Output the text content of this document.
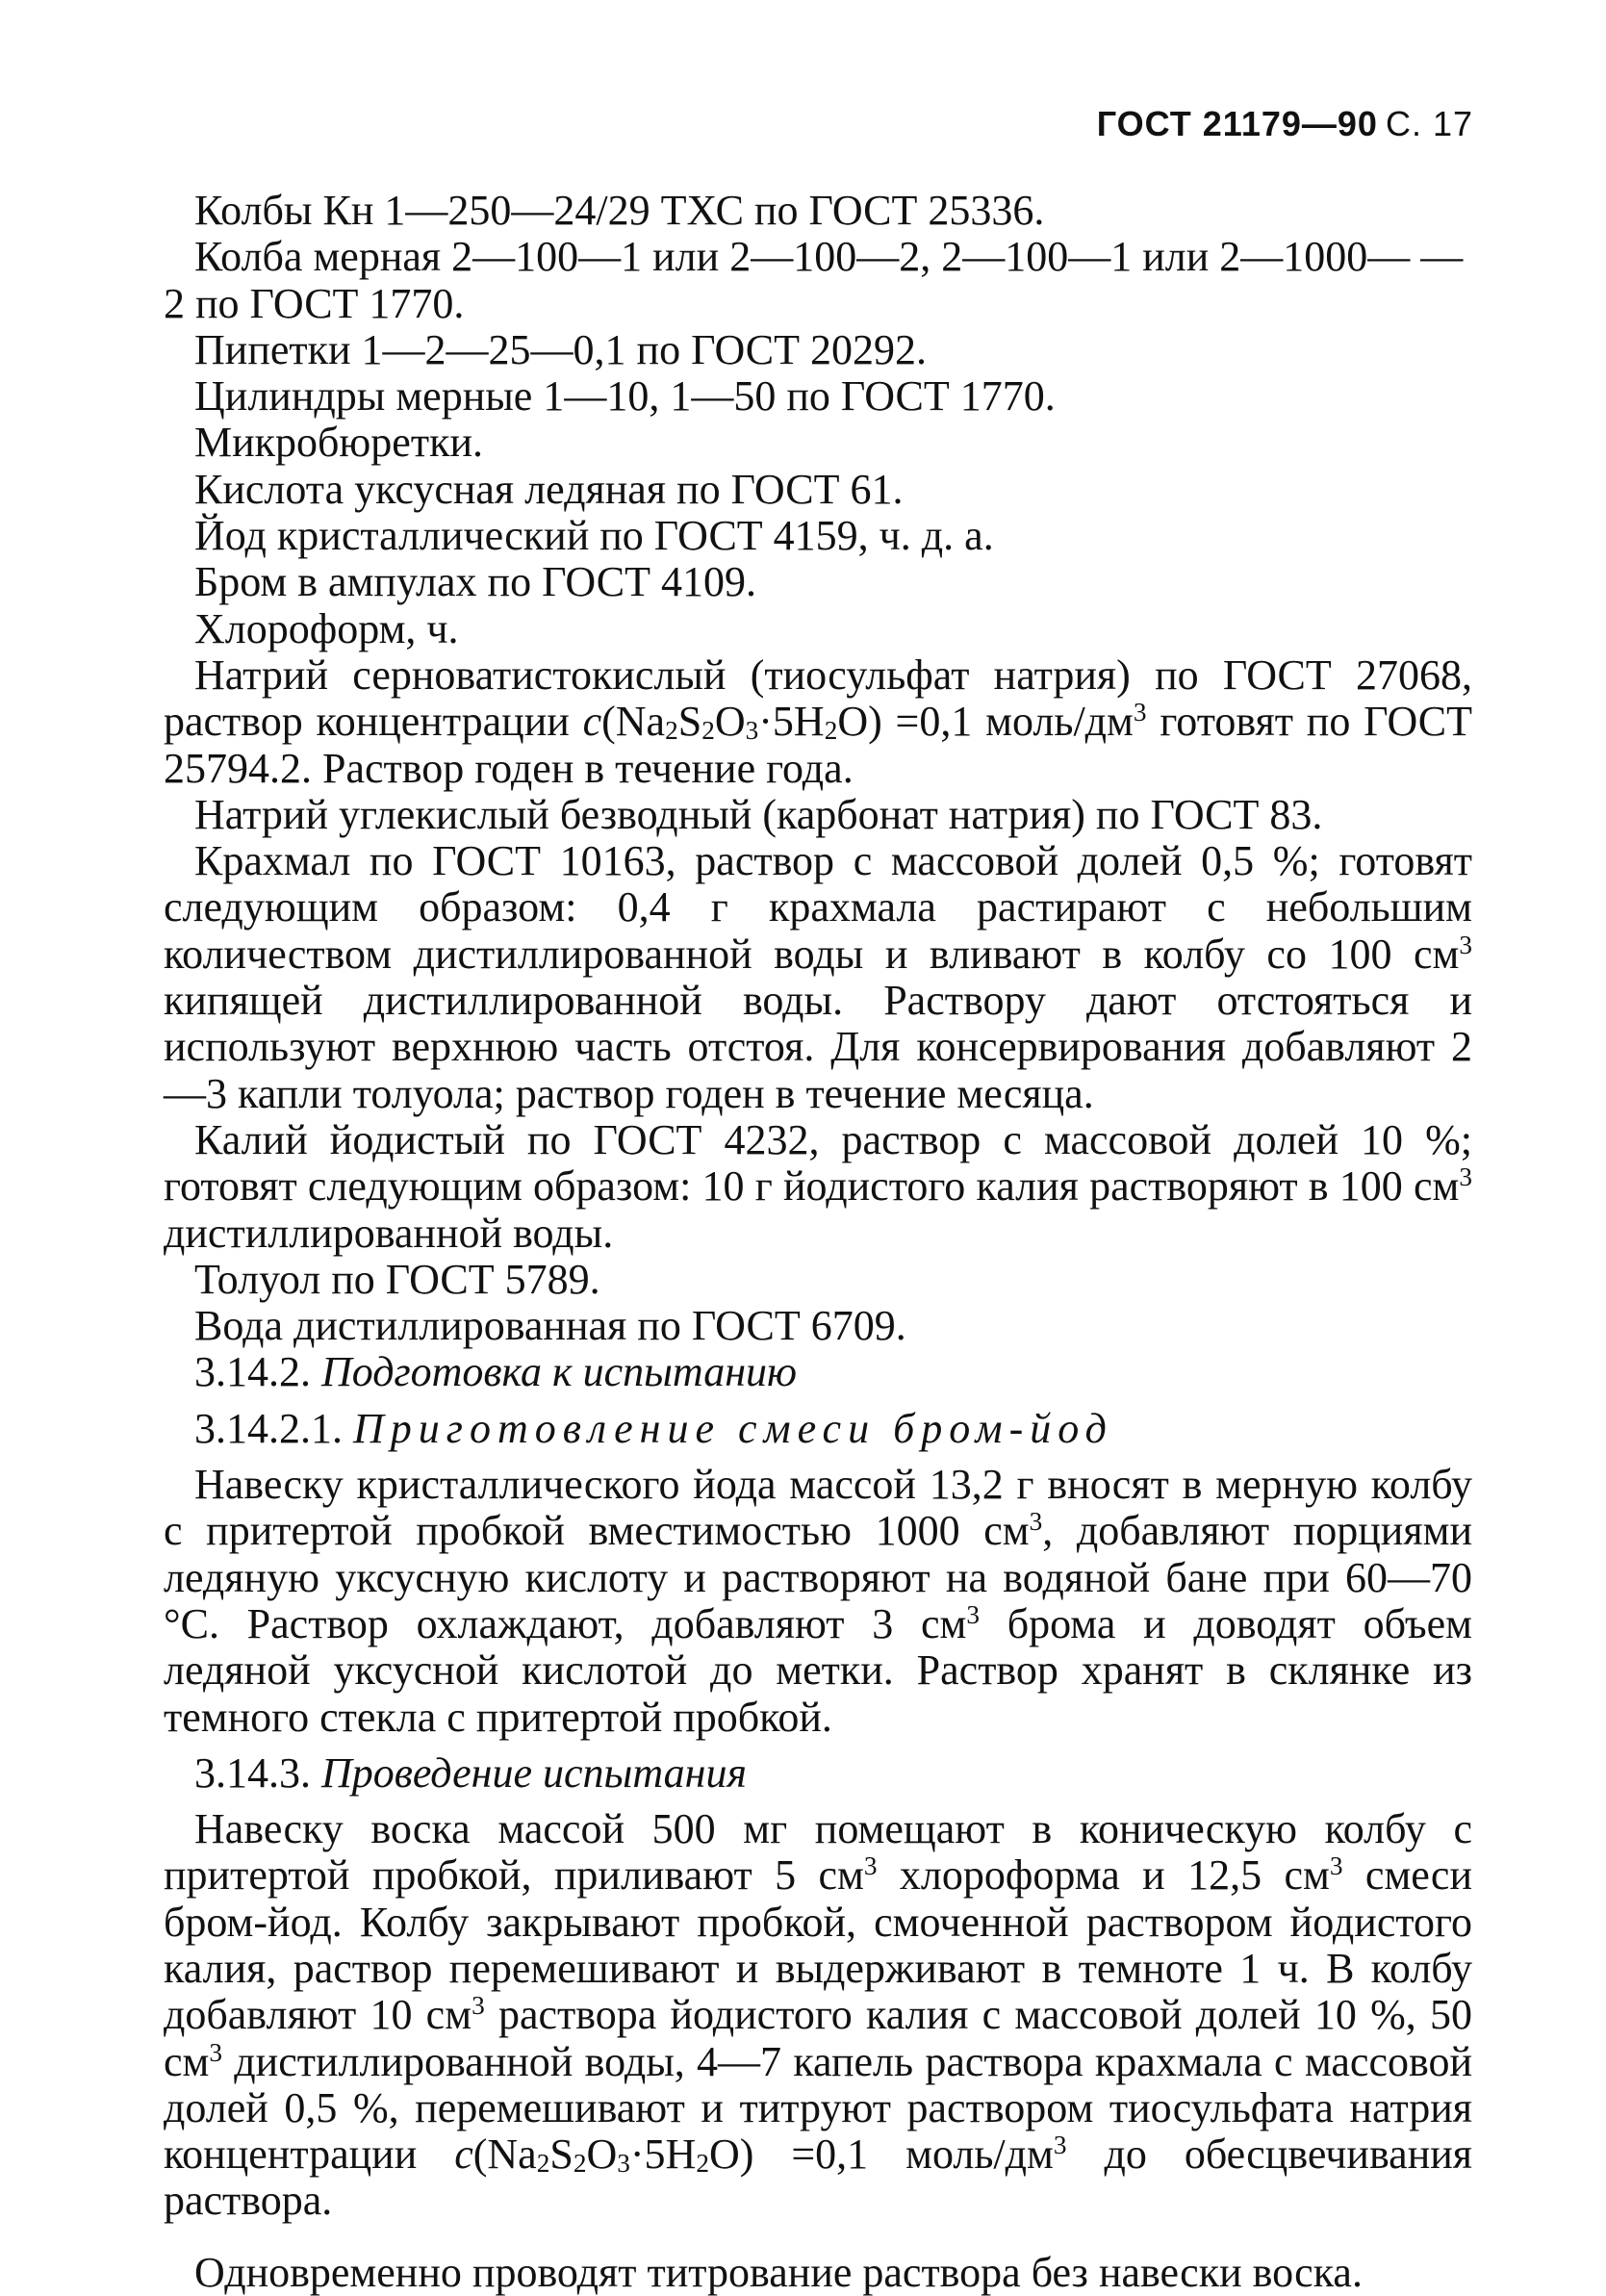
ГОСТ 21179—90 С. 17

Колбы Кн 1—250—24/29 ТХС по ГОСТ 25336.

Колба мерная 2—100—1 или 2—100—2, 2—100—1 или 2—1000— —2 по ГОСТ 1770.

Пипетки 1—2—25—0,1 по ГОСТ 20292.

Цилиндры мерные 1—10, 1—50 по ГОСТ 1770.

Микробюретки.

Кислота уксусная ледяная по ГОСТ 61.

Йод кристаллический по ГОСТ 4159, ч. д. а.

Бром в ампулах по ГОСТ 4109.

Хлороформ, ч.

Натрий серноватистокислый (тиосульфат натрия) по ГОСТ 27068, раствор концентрации $c(Na_2S_2O_3\cdot 5H_2O) =0,1$ моль/$дм^3$ готовят по ГОСТ 25794.2. Раствор годен в течение года.

Натрий углекислый безводный (карбонат натрия) по ГОСТ 83.

Крахмал по ГОСТ 10163, раствор с массовой долей 0,5 %; готовят следующим образом: 0,4 г крахмала растирают с небольшим количеством дистиллированной воды и вливают в колбу со 100 $см^3$ кипящей дистиллированной воды. Раствору дают отстояться и используют верхнюю часть отстоя. Для консервирования добавляют 2—3 капли толуола; раствор годен в течение месяца.

Калий йодистый по ГОСТ 4232, раствор с массовой долей 10 %; готовят следующим образом: 10 г йодистого калия растворяют в 100 $см^3$ дистиллированной воды.

Толуол по ГОСТ 5789.

Вода дистиллированная по ГОСТ 6709.

3.14.2. Подготовка к испытанию

3.14.2.1. Приготовление смеси бром-йод

Навеску кристаллического йода массой 13,2 г вносят в мерную колбу с притертой пробкой вместимостью 1000 $см^3$, добавляют порциями ледяную уксусную кислоту и растворяют на водяной бане при 60—70 °С. Раствор охлаждают, добавляют 3 $см^3$ брома и доводят объем ледяной уксусной кислотой до метки. Раствор хранят в склянке из темного стекла с притертой пробкой.

3.14.3. Проведение испытания

Навеску воска массой 500 мг помещают в коническую колбу с притертой пробкой, приливают 5 $см^3$ хлороформа и 12,5 $см^3$ смеси бром-йод. Колбу закрывают пробкой, смоченной раствором йодистого калия, раствор перемешивают и выдерживают в темноте 1 ч. В колбу добавляют 10 $см^3$ раствора йодистого калия с массовой долей 10 %, 50 $см^3$ дистиллированной воды, 4—7 капель раствора крахмала с массовой долей 0,5 %, перемешивают и титруют раствором тиосульфата натрия концентрации $c(Na_2S_2O_3\cdot 5H_2O) =0,1$ моль/$дм^3$ до обесцвечивания раствора.

Одновременно проводят титрование раствора без навески воска.
